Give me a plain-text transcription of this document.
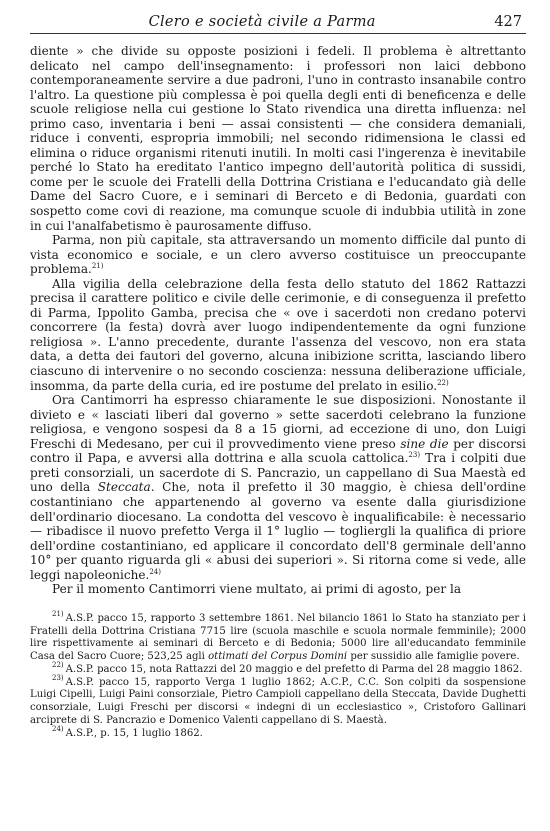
Clero e società civile a Parma	427

diente » che divide su opposte posizioni i fedeli. Il problema è altrettanto delicato nel campo dell'insegnamento: i professori non laici debbono contemporaneamente servire a due padroni, l'uno in contrasto insanabile contro l'altro. La questione più complessa è poi quella degli enti di beneficenza e delle scuole religiose nella cui gestione lo Stato rivendica una diretta influenza: nel primo caso, inventaria i beni — assai consistenti — che considera demaniali, riduce i conventi, espropria immobili; nel secondo ridimensiona le classi ed elimina o riduce organismi ritenuti inutili. In molti casi l'ingerenza è inevitabile perché lo Stato ha ereditato l'antico impegno dell'autorità politica di sussidi, come per le scuole dei Fratelli della Dottrina Cristiana e l'educandato già delle Dame del Sacro Cuore, e i seminari di Berceto e di Bedonia, guardati con sospetto come covi di reazione, ma comunque scuole di indubbia utilità in zone in cui l'analfabetismo è paurosamente diffuso.

Parma, non più capitale, sta attraversando un momento difficile dal punto di vista economico e sociale, e un clero avverso costituisce un preoccupante problema.$^{21)}$

Alla vigilia della celebrazione della festa dello statuto del 1862 Rattazzi precisa il carattere politico e civile delle cerimonie, e di conseguenza il prefetto di Parma, Ippolito Gamba, precisa che « ove i sacerdoti non credano potervi concorrere (la festa) dovrà aver luogo indipendentemente da ogni funzione religiosa ». L'anno precedente, durante l'assenza del vescovo, non era stata data, a detta dei fautori del governo, alcuna inibizione scritta, lasciando libero ciascuno di intervenire o no secondo coscienza: nessuna deliberazione ufficiale, insomma, da parte della curia, ed ire postume del prelato in esilio.$^{22)}$

Ora Cantimorri ha espresso chiaramente le sue disposizioni. Nonostante il divieto e « lasciati liberi dal governo » sette sacerdoti celebrano la funzione religiosa, e vengono sospesi da 8 a 15 giorni, ad eccezione di uno, don Luigi Freschi di Medesano, per cui il provvedimento viene preso sine die per discorsi contro il Papa, e avversi alla dottrina e alla scuola cattolica.$^{23)}$ Tra i colpiti due preti consorziali, un sacerdote di S. Pancrazio, un cappellano di Sua Maestà ed uno della Steccata. Che, nota il prefetto il 30 maggio, è chiesa dell'ordine costantiniano che appartenendo al governo va esente dalla giurisdizione dell'ordinario diocesano. La condotta del vescovo è inqualificabile: è necessario — ribadisce il nuovo prefetto Verga il 1° luglio — togliergli la qualifica di priore dell'ordine costantiniano, ed applicare il concordato dell'8 germinale dell'anno 10° per quanto riguarda gli « abusi dei superiori ». Si ritorna come si vede, alle leggi napoleoniche.$^{24)}$

Per il momento Cantimorri viene multato, ai primi di agosto, per la

$^{21)}$ A.S.P. pacco 15, rapporto 3 settembre 1861. Nel bilancio 1861 lo Stato ha stanziato per i Fratelli della Dottrina Cristiana 7715 lire (scuola maschile e scuola normale femminile); 2000 lire rispettivamente ai seminari di Berceto e di Bedonia; 5000 lire all'educandato femminile Casa del Sacro Cuore; 523,25 agli ottimati del Corpus Domini per sussidio alle famiglie povere.

$^{22)}$ A.S.P. pacco 15, nota Rattazzi del 20 maggio e del prefetto di Parma del 28 maggio 1862.

$^{23)}$ A.S.P. pacco 15, rapporto Verga 1 luglio 1862; A.C.P., C.C. Son colpiti da sospensione Luigi Cipelli, Luigi Paini consorziale, Pietro Campioli cappellano della Steccata, Davide Dughetti consorziale, Luigi Freschi per discorsi « indegni di un ecclesiastico », Cristoforo Gallinari arciprete di S. Pancrazio e Domenico Valenti cappellano di S. Maestà.

$^{24)}$ A.S.P., p. 15, 1 luglio 1862.
